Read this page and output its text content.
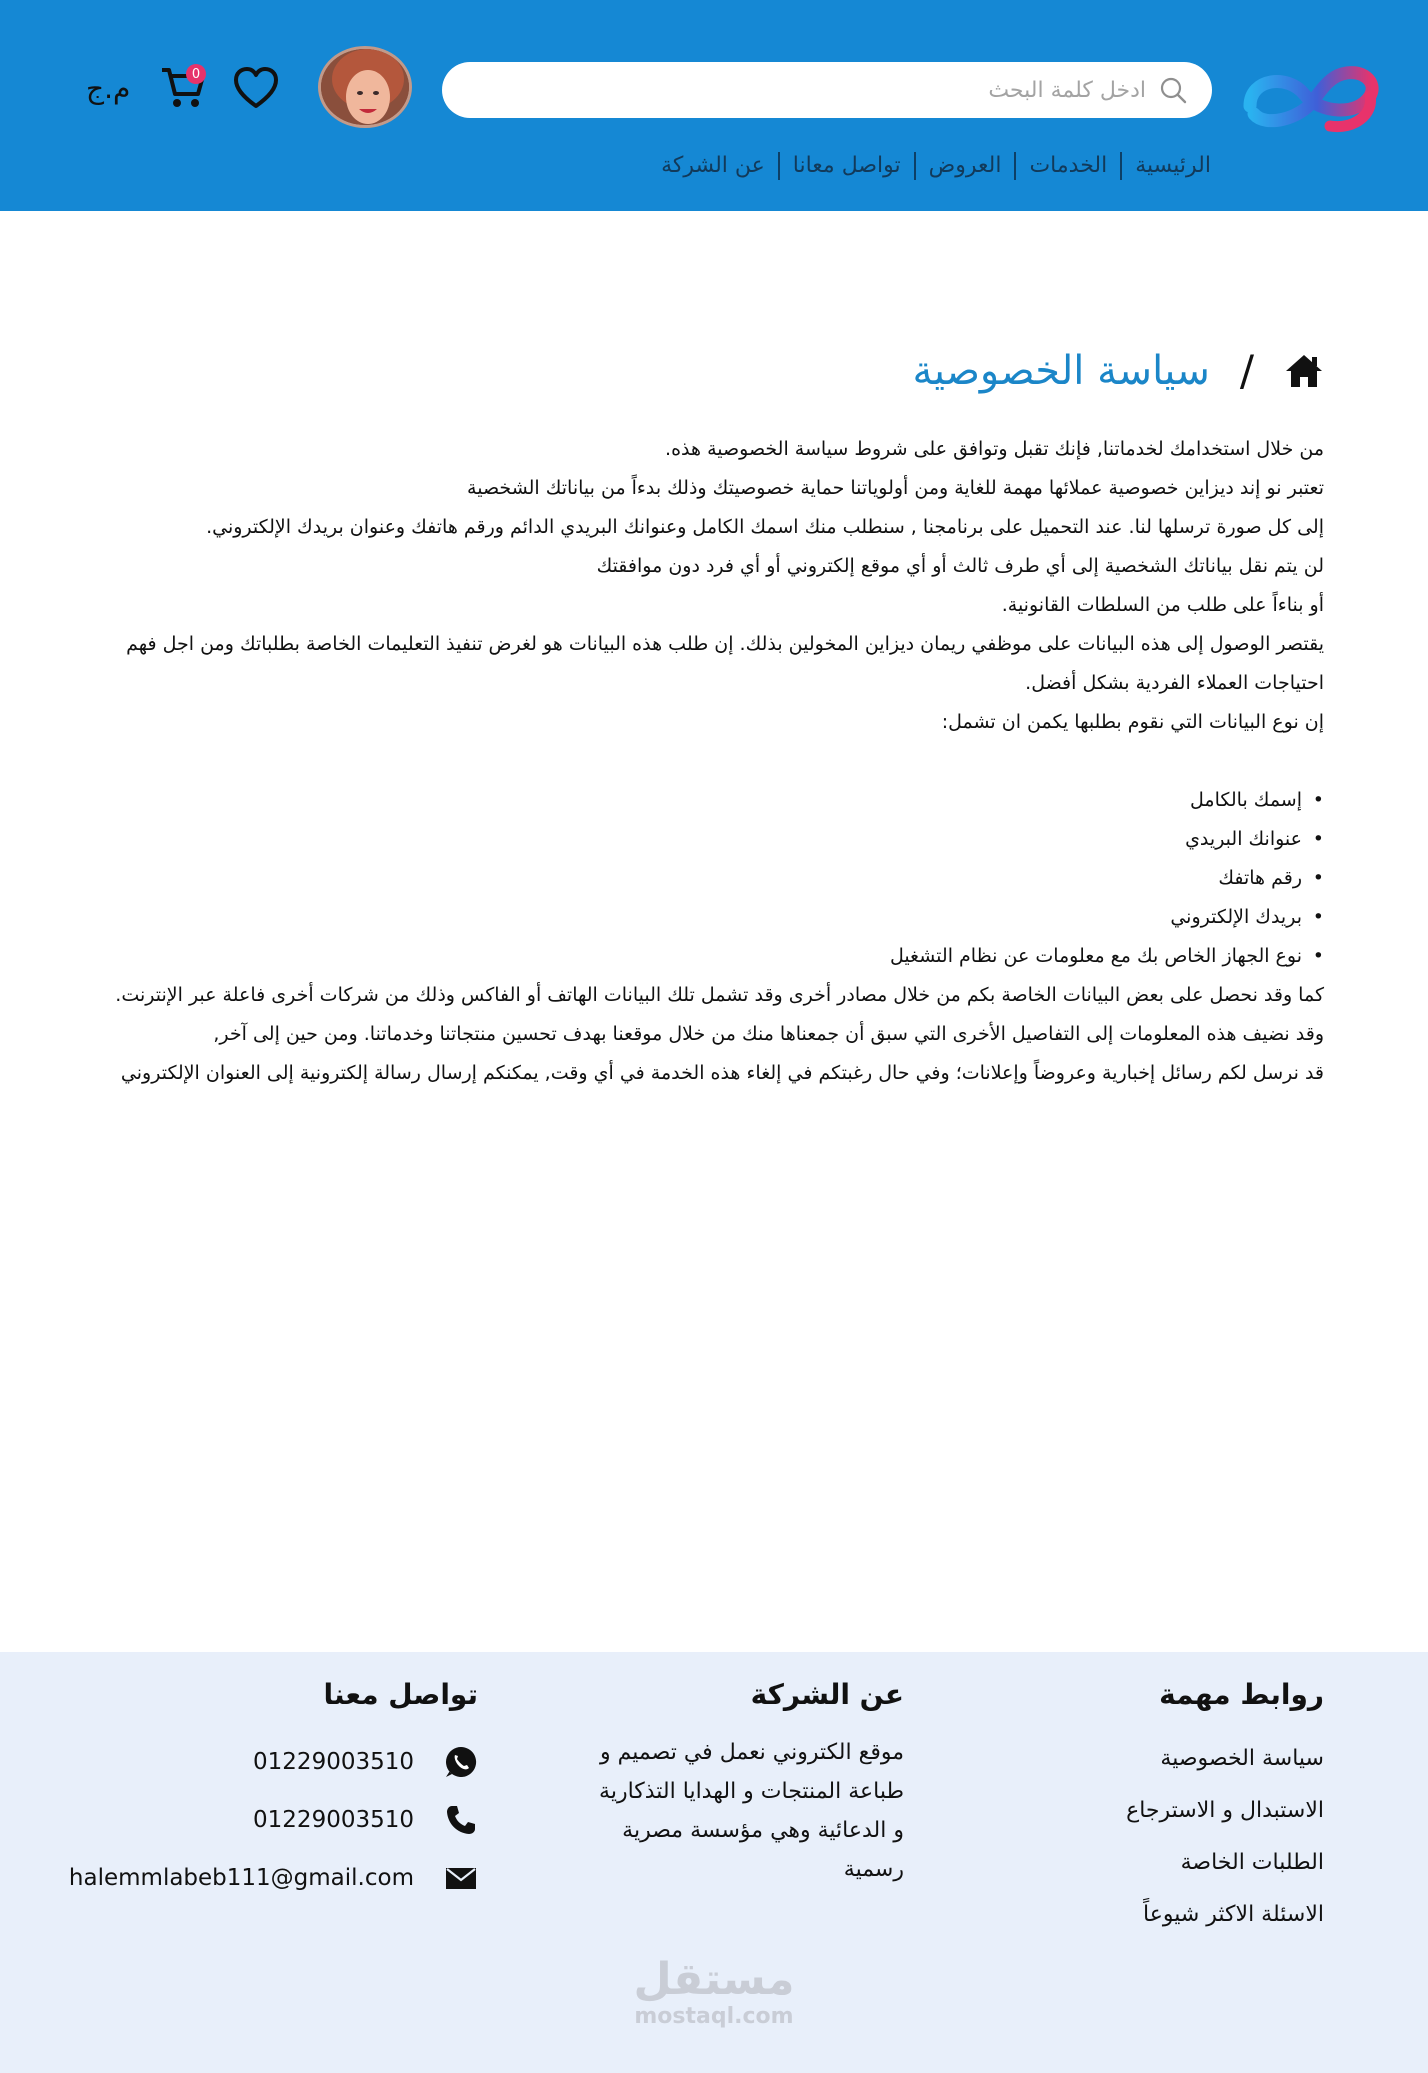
ادخل كلمة البحث
0
م.ج
الرئيسية
الخدمات
العروض
تواصل معانا
عن الشركة
/
سياسة الخصوصية

من خلال استخدامك لخدماتنا, فإنك تقبل وتوافق على شروط سياسة الخصوصية هذه.

تعتبر نو إند ديزاين خصوصية عملائها مهمة للغاية ومن أولوياتنا حماية خصوصيتك وذلك بدءاً من بياناتك الشخصية

إلى كل صورة ترسلها لنا. عند التحميل على برنامجنا , سنطلب منك اسمك الكامل وعنوانك البريدي الدائم ورقم هاتفك وعنوان بريدك الإلكتروني.

لن يتم نقل بياناتك الشخصية إلى أي طرف ثالث أو أي موقع إلكتروني أو أي فرد دون موافقتك

أو بناءاً على طلب من السلطات القانونية.

يقتصر الوصول إلى هذه البيانات على موظفي ريمان ديزاين المخولين بذلك. إن طلب هذه البيانات هو لغرض تنفيذ التعليمات الخاصة بطلباتك ومن اجل فهم

احتياجات العملاء الفردية بشكل أفضل.

إن نوع البيانات التي نقوم بطلبها يكمن ان تشمل:

• إسمك بالكامل
• عنوانك البريدي
• رقم هاتفك
• بريدك الإلكتروني
• نوع الجهاز الخاص بك مع معلومات عن نظام التشغيل

كما وقد نحصل على بعض البيانات الخاصة بكم من خلال مصادر أخرى وقد تشمل تلك البيانات الهاتف أو الفاكس وذلك من شركات أخرى فاعلة عبر الإنترنت.

وقد نضيف هذه المعلومات إلى التفاصيل الأخرى التي سبق أن جمعناها منك من خلال موقعنا بهدف تحسين منتجاتنا وخدماتنا. ومن حين إلى آخر,

قد نرسل لكم رسائل إخبارية وعروضاً وإعلانات؛ وفي حال رغبتكم في إلغاء هذه الخدمة في أي وقت, يمكنكم إرسال رسالة إلكترونية إلى العنوان الإلكتروني

روابط مهمة
سياسة الخصوصية
الاستبدال و الاسترجاع
الطلبات الخاصة
الاسئلة الاكثر شيوعاً
عن الشركة

موقع الكتروني نعمل في تصميم و

طباعة المنتجات و الهدايا التذكارية

و الدعائية وهي مؤسسة مصرية

رسمية

تواصل معنا
01229003510
01229003510
halemmlabeb111@gmail.com
مستقل
mostaql.com
